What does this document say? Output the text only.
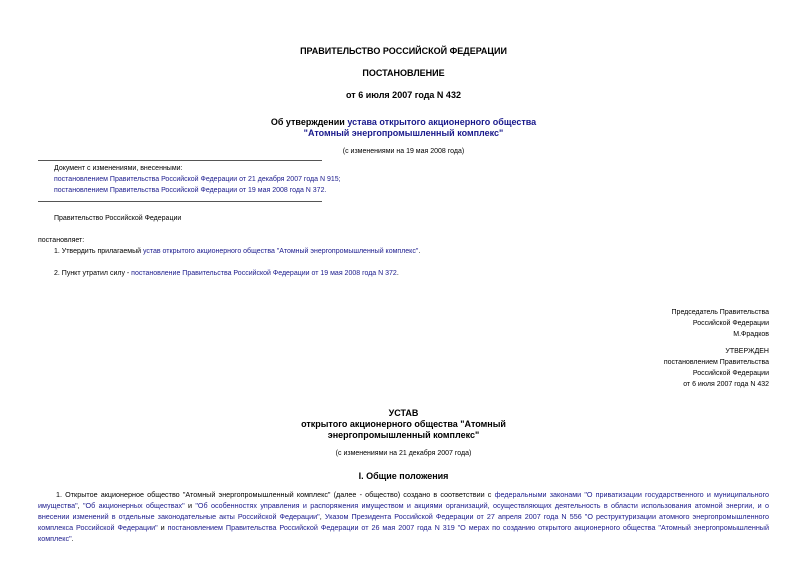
ПРАВИТЕЛЬСТВО РОССИЙСКОЙ ФЕДЕРАЦИИ
ПОСТАНОВЛЕНИЕ
от 6 июля 2007 года N 432
Об утверждении устава открытого акционерного общества
"Атомный энергопромышленный комплекс"
(с изменениями на 19 мая 2008 года)
Документ с изменениями, внесенными:
постановлением Правительства Российской Федерации от 21 декабря 2007 года N 915;
постановлением Правительства Российской Федерации от 19 мая 2008 года N 372.
Правительство Российской Федерации
постановляет:
1. Утвердить прилагаемый устав открытого акционерного общества "Атомный энергопромышленный комплекс".
2. Пункт утратил силу - постановление Правительства Российской Федерации от 19 мая 2008 года N 372.
Председатель Правительства
Российской Федерации
М.Фрадков
УТВЕРЖДЕН
постановлением Правительства
Российской Федерации
от 6 июля 2007 года N 432
УСТАВ
открытого акционерного общества "Атомный
энергопромышленный комплекс"
(с изменениями на 21 декабря 2007 года)
I. Общие положения
1. Открытое акционерное общество "Атомный энергопромышленный комплекс" (далее - общество) создано в соответствии с федеральными законами "О приватизации государственного и муниципального имущества", "Об акционерных обществах" и "Об особенностях управления и распоряжения имуществом и акциями организаций, осуществляющих деятельность в области использования атомной энергии, и о внесении изменений в отдельные законодательные акты Российской Федерации", Указом Президента Российской Федерации от 27 апреля 2007 года N 556 "О реструктуризации атомного энергопромышленного комплекса Российской Федерации" и постановлением Правительства Российской Федерации от 26 мая 2007 года N 319 "О мерах по созданию открытого акционерного общества "Атомный энергопромышленный комплекс".
